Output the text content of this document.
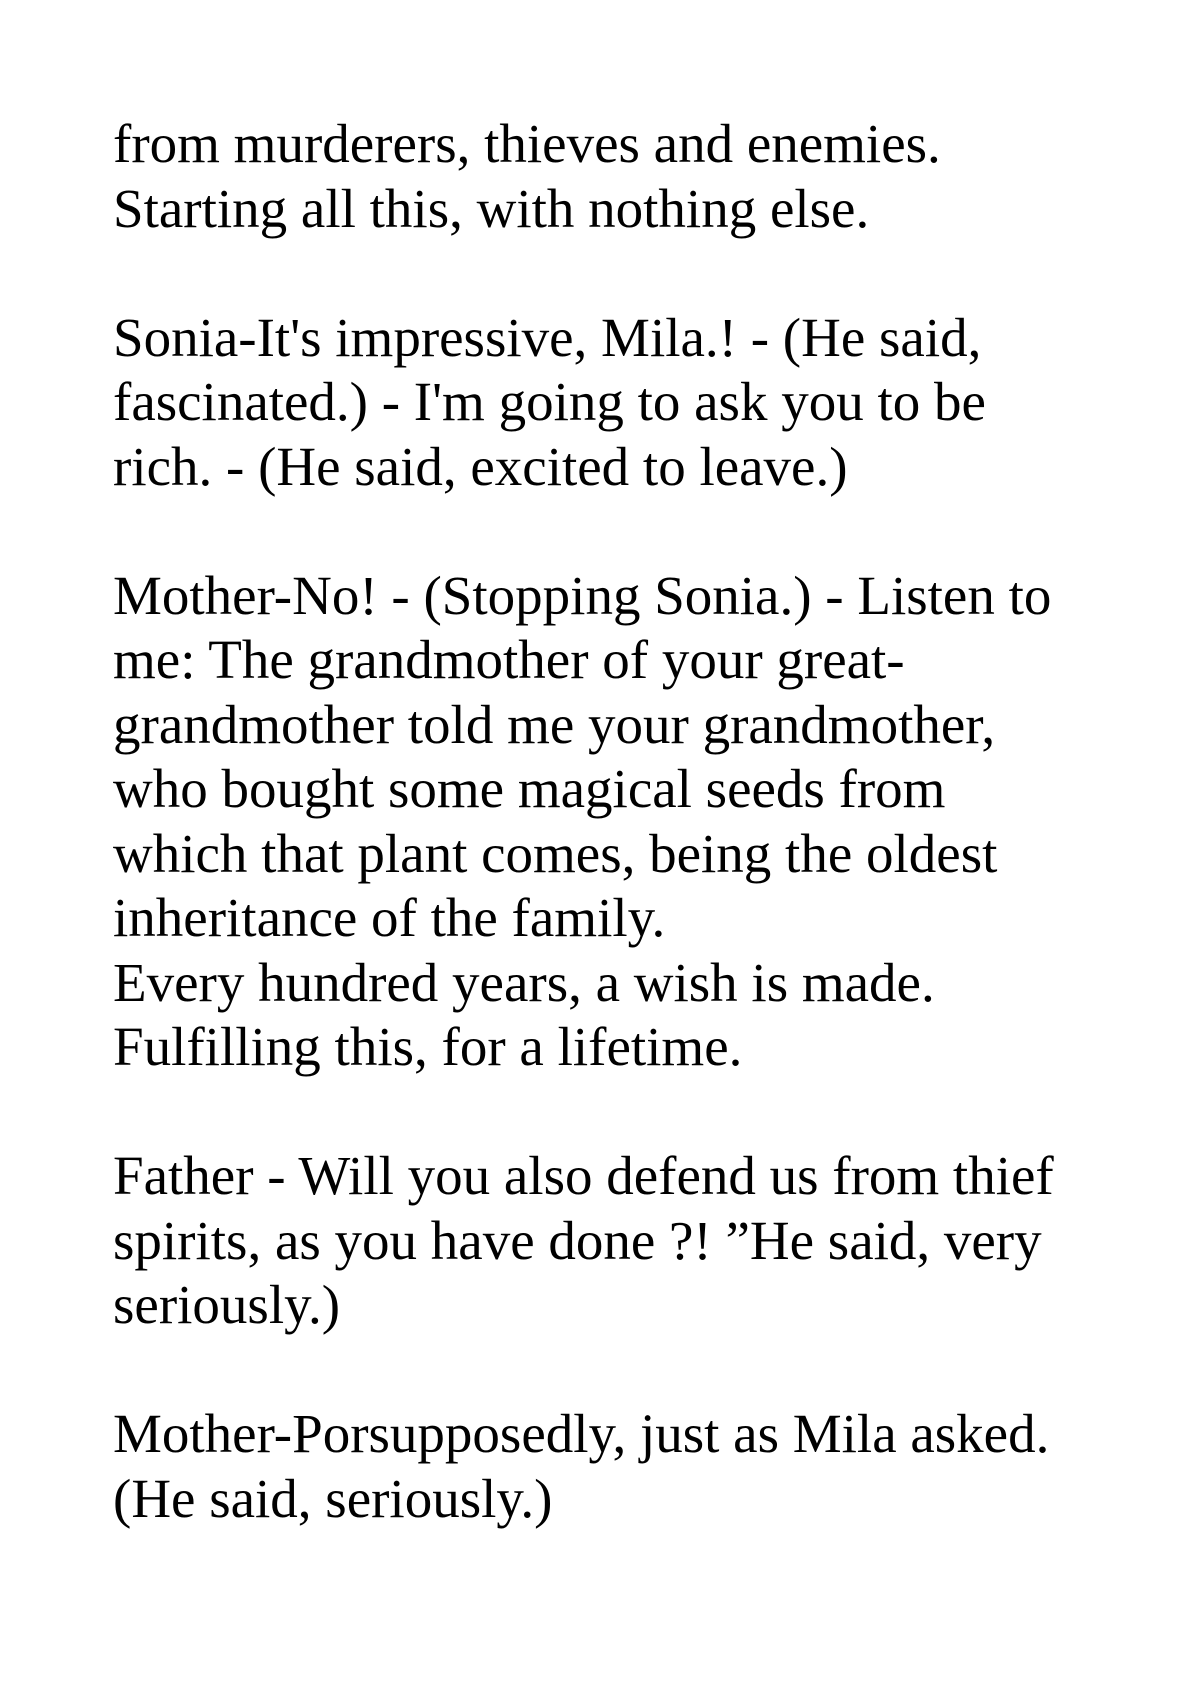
from murderers, thieves and enemies.
Starting all this, with nothing else.
Sonia-It's impressive, Mila.! - (He said,
fascinated.) - I'm going to ask you to be
rich. - (He said, excited to leave.)
Mother-No! - (Stopping Sonia.) - Listen to
me: The grandmother of your great-
grandmother told me your grandmother,
who bought some magical seeds from
which that plant comes, being the oldest
inheritance of the family.
Every hundred years, a wish is made.
Fulfilling this, for a lifetime.
Father - Will you also defend us from thief
spirits, as you have done ?! ”He said, very
seriously.)
Mother-Porsupposedly, just as Mila asked.
(He said, seriously.)
